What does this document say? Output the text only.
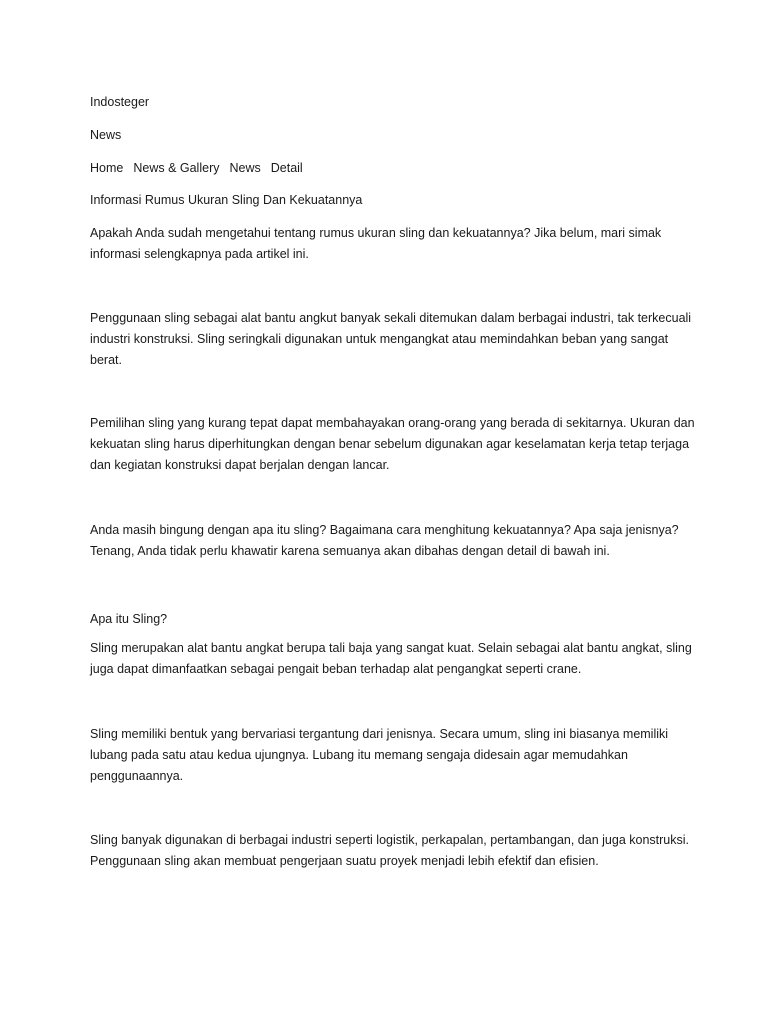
Indosteger
News
Home News & Gallery News Detail
Informasi Rumus Ukuran Sling Dan Kekuatannya
Apakah Anda sudah mengetahui tentang rumus ukuran sling dan kekuatannya? Jika belum, mari simak informasi selengkapnya pada artikel ini.
Penggunaan sling sebagai alat bantu angkut banyak sekali ditemukan dalam berbagai industri, tak terkecuali industri konstruksi. Sling seringkali digunakan untuk mengangkat atau memindahkan beban yang sangat berat.
Pemilihan sling yang kurang tepat dapat membahayakan orang-orang yang berada di sekitarnya. Ukuran dan kekuatan sling harus diperhitungkan dengan benar sebelum digunakan agar keselamatan kerja tetap terjaga dan kegiatan konstruksi dapat berjalan dengan lancar.
Anda masih bingung dengan apa itu sling? Bagaimana cara menghitung kekuatannya? Apa saja jenisnya? Tenang, Anda tidak perlu khawatir karena semuanya akan dibahas dengan detail di bawah ini.
Apa itu Sling?
Sling merupakan alat bantu angkat berupa tali baja yang sangat kuat. Selain sebagai alat bantu angkat, sling juga dapat dimanfaatkan sebagai pengait beban terhadap alat pengangkat seperti crane.
Sling memiliki bentuk yang bervariasi tergantung dari jenisnya. Secara umum, sling ini biasanya memiliki lubang pada satu atau kedua ujungnya. Lubang itu memang sengaja didesain agar memudahkan penggunaannya.
Sling banyak digunakan di berbagai industri seperti logistik, perkapalan, pertambangan, dan juga konstruksi. Penggunaan sling akan membuat pengerjaan suatu proyek menjadi lebih efektif dan efisien.
